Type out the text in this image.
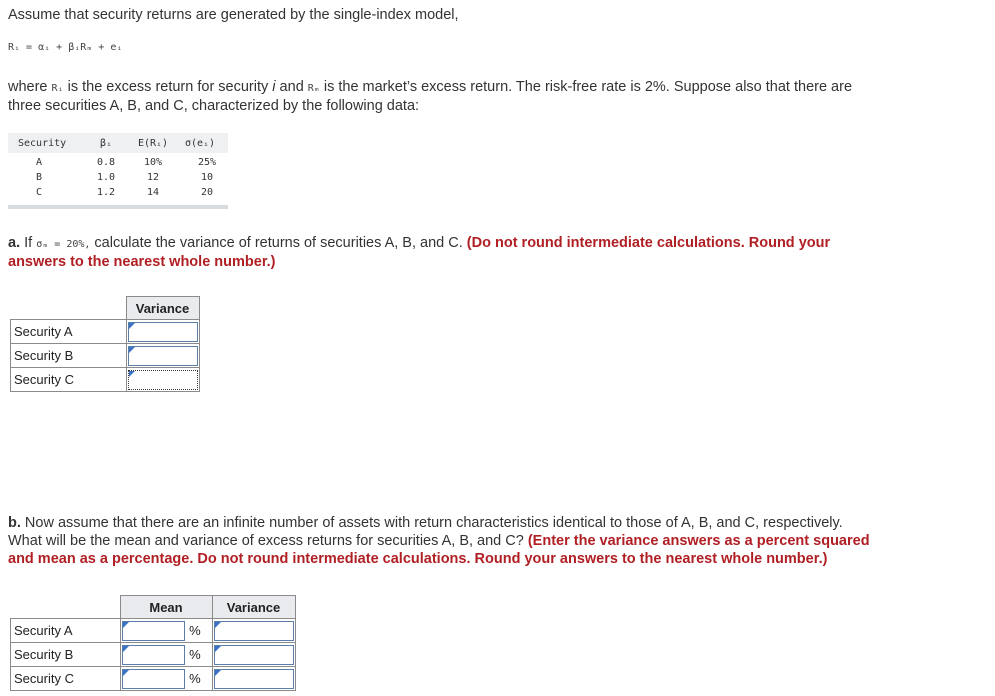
Assume that security returns are generated by the single-index model,
Rᵢ = αᵢ + βᵢRₘ + eᵢ
where Rᵢ is the excess return for security i and Rₘ is the market’s excess return. The risk-free rate is 2%. Suppose also that there are
three securities A, B, and C, characterized by the following data:
Security	βᵢ	E(Rᵢ)	σ(eᵢ)
A	0.8	10%	25%
B	1.0	12	10
C	1.2	14	20
a. If σₘ = 20%, calculate the variance of returns of securities A, B, and C. (Do not round intermediate calculations. Round your
answers to the nearest whole number.)
	Variance
Security A	

Security B	

Security C	
b. Now assume that there are an infinite number of assets with return characteristics identical to those of A, B, and C, respectively.
What will be the mean and variance of excess returns for securities A, B, and C? (Enter the variance answers as a percent squared
and mean as a percentage. Do not round intermediate calculations. Round your answers to the nearest whole number.)
	Mean		Variance
Security A		%	

Security B		%	

Security C		%	
